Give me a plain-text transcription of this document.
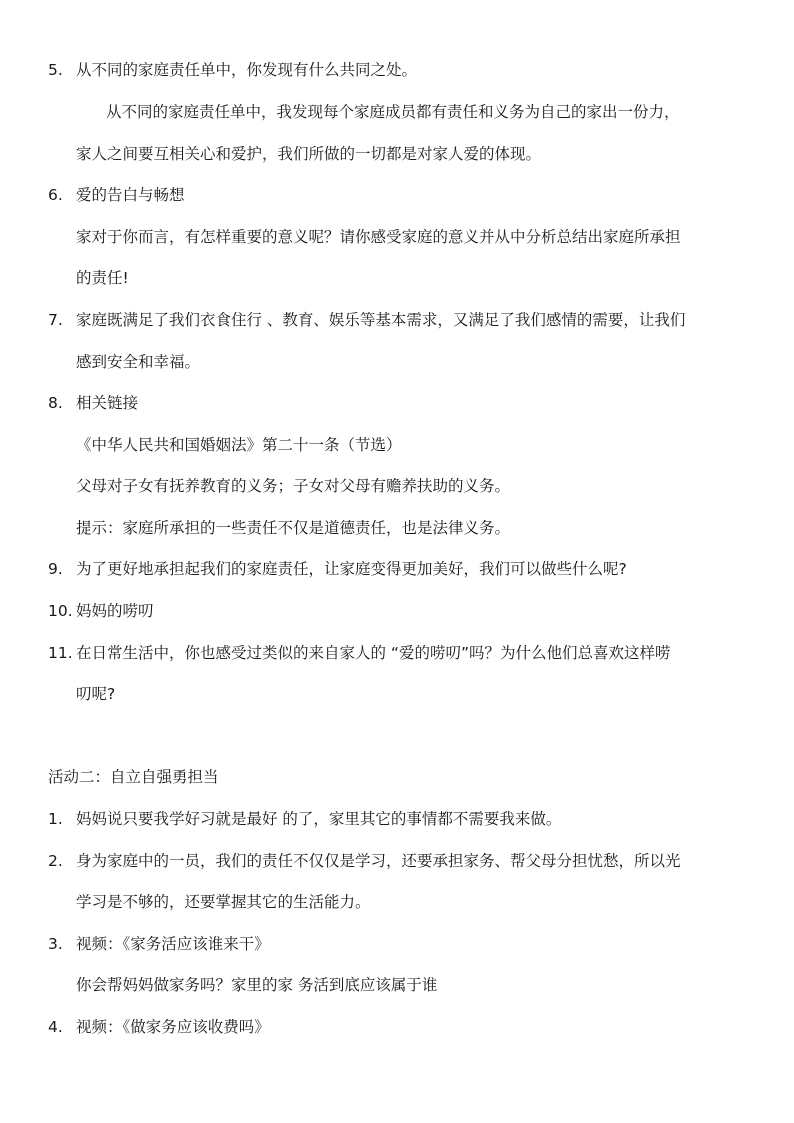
5. 从不同的家庭责任单中，你发现有什么共同之处。
从不同的家庭责任单中，我发现每个家庭成员都有责任和义务为自己的家出一份力，
家人之间要互相关心和爱护，我们所做的一切都是对家人爱的体现。
6. 爱的告白与畅想
家对于你而言，有怎样重要的意义呢？请你感受家庭的意义并从中分析总结出家庭所承担
的责任!
7. 家庭既满足了我们衣食住行 、教育、娱乐等基本需求，又满足了我们感情的需要，让我们
感到安全和幸福。
8. 相关链接
《中华人民共和国婚姻法》第二十一条（节选）
父母对子女有抚养教育的义务；子女对父母有赡养扶助的义务。
提示：家庭所承担的一些责任不仅是道德责任，也是法律义务。
9. 为了更好地承担起我们的家庭责任，让家庭变得更加美好，我们可以做些什么呢?
10. 妈妈的唠叨
11. 在日常生活中，你也感受过类似的来自家人的 “爱的唠叨”吗？为什么他们总喜欢这样唠
叨呢?
活动二：自立自强勇担当
1. 妈妈说只要我学好习就是最好 的了，家里其它的事情都不需要我来做。
2. 身为家庭中的一员，我们的责任不仅仅是学习，还要承担家务、帮父母分担忧愁，所以光
学习是不够的，还要掌握其它的生活能力。
3. 视频：《家务活应该谁来干》
你会帮妈妈做家务吗？家里的家 务活到底应该属于谁
4. 视频：《做家务应该收费吗》
